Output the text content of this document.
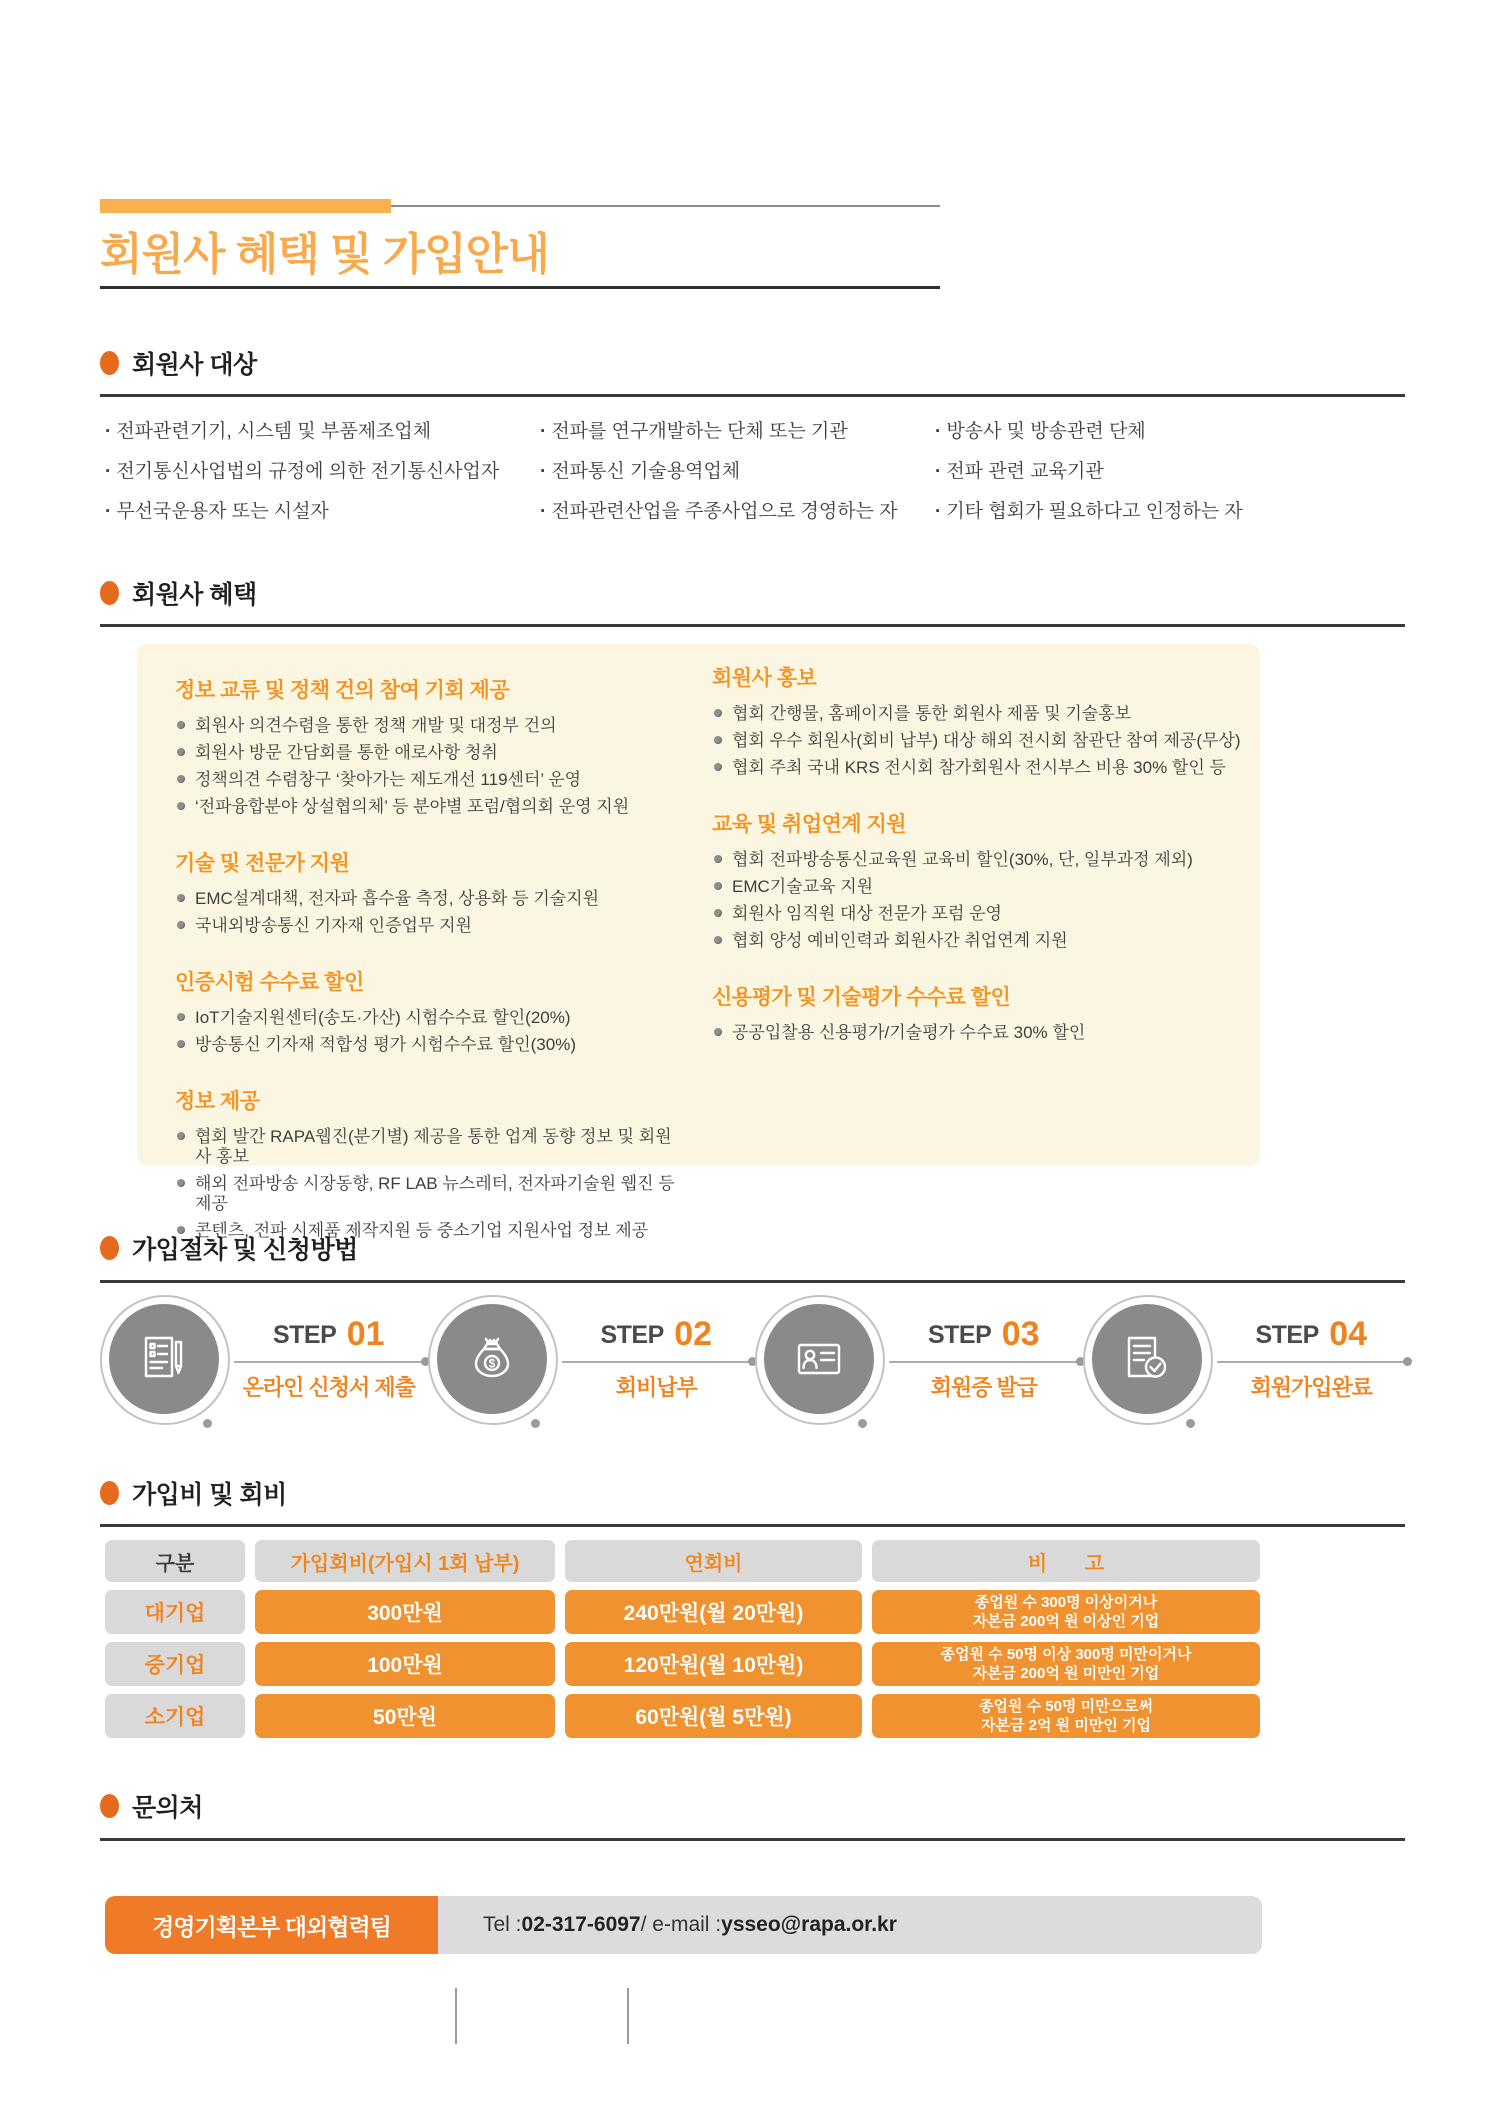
회원사 혜택 및 가입안내
회원사 대상
· 전파관련기기, 시스템 및 부품제조업체
· 전기통신사업법의 규정에 의한 전기통신사업자
· 무선국운용자 또는 시설자
· 전파를 연구개발하는 단체 또는 기관
· 전파통신 기술용역업체
· 전파관련산업을 주종사업으로 경영하는 자
· 방송사 및 방송관련 단체
· 전파 관련 교육기관
· 기타 협회가 필요하다고 인정하는 자
회원사 혜택
정보 교류 및 정책 건의 참여 기회 제공
회원사 의견수렴을 통한 정책 개발 및 대정부 건의
회원사 방문 간담회를 통한 애로사항 청취
정책의견 수렴창구 ‘찾아가는 제도개선 119센터’ 운영
‘전파융합분야 상설협의체’ 등 분야별 포럼/협의회 운영 지원
기술 및 전문가 지원
EMC설계대책, 전자파 흡수율 측정, 상용화 등 기술지원
국내외방송통신 기자재 인증업무 지원
인증시험 수수료 할인
IoT기술지원센터(송도·가산) 시험수수료 할인(20%)
방송통신 기자재 적합성 평가 시험수수료 할인(30%)
정보 제공
협회 발간 RAPA웹진(분기별) 제공을 통한 업계 동향 정보 및 회원사 홍보
해외 전파방송 시장동향, RF LAB 뉴스레터, 전자파기술원 웹진 등 제공
콘텐츠, 전파 시제품 제작지원 등 중소기업 지원사업 정보 제공
회원사 홍보
협회 간행물, 홈페이지를 통한 회원사 제품 및 기술홍보
협회 우수 회원사(회비 납부) 대상 해외 전시회 참관단 참여 제공(무상)
협회 주최 국내 KRS 전시회 참가회원사 전시부스 비용 30% 할인 등
교육 및 취업연계 지원
협회 전파방송통신교육원 교육비 할인(30%, 단, 일부과정 제외)
EMC기술교육 지원
회원사 임직원 대상 전문가 포럼 운영
협회 양성 예비인력과 회원사간 취업연계 지원
신용평가 및 기술평가 수수료 할인
공공입찰용 신용평가/기술평가 수수료 30% 할인
가입절차 및 신청방법
STEP 01
온라인 신청서 제출
$
STEP 02
회비납부
STEP 03
회원증 발급
STEP 04
회원가입완료
가입비 및 회비
구분	가입회비(가입시 1회 납부)	연회비	비 고
대기업	300만원	240만원(월 20만원)	종업원 수 300명 이상이거나
자본금 200억 원 이상인 기업
중기업	100만원	120만원(월 10만원)	종업원 수 50명 이상 300명 미만이거나
자본금 200억 원 미만인 기업
소기업	50만원	60만원(월 5만원)	종업원 수 50명 미만으로써
자본금 2억 원 미만인 기업
문의처
경영기획본부 대외협력팀	Tel : 02-317-6097 / e-mail : ysseo@rapa.or.kr
